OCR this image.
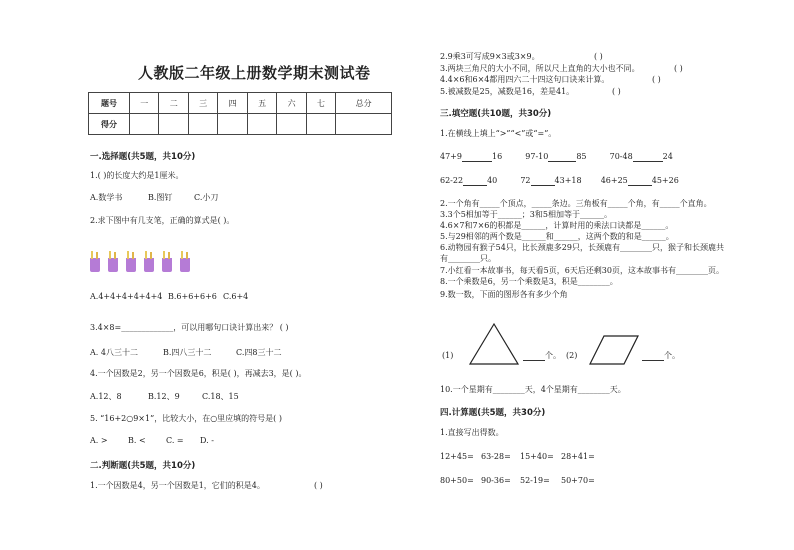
人教版二年级上册数学期末测试卷
题号	一	二	三	四	五	六	七	总分
得分								
一.选择题(共5题，共10分)
1.( )的长度大约是1厘米。
A.数学书	B.图钉	C.小刀
2.求下图中有几支笔，正确的算式是( )。
A.4+4+4+4+4+4 B.6+6+6+6 C.6+4
3.4×8=_____________，可以用哪句口诀计算出来？ ( )
A. 4八三十二	B.四八三十二	C.四8三十二
4.一个因数是2，另一个因数是6，积是( )，再减去3，是( )。
A.12、8	B.12、9	C.18、15
5. “16+2○9×1”，比较大小，在○里应填的符号是( )
A. >	B. <	C. = D. -
二.判断题(共5题，共10分)
1.一个因数是4，另一个因数是1，它们的积是4。	( )
2.9乘3可写成9×3或3×9。	( )
3.两块三角尺的大小不同，所以尺上直角的大小也不同。	( )
4.4×6和6×4都用四六二十四这句口诀来计算。	( )
5.被减数是25，减数是16，差是41。	( )
三.填空题(共10题，共30分)
1.在横线上填上“>”“<”或“=”。
47+9	16	97-10	85	70-48	24
62-22	40	72	43+18 46+25	45+26
2.一个角有_____个顶点，_____条边。三角板有_____个角，有_____个直角。
3.3个5相加等于______；3和5相加等于______。
4.6×7和7×6的积都是______，计算时用的乘法口诀都是______。
5.与29相邻的两个数是______和______，这两个数的和是______。
6.动物园有猴子54只，比长颈鹿多29只，长颈鹿有________只，猴子和长颈鹿共
有________只。
7.小红看一本故事书，每天看5页，6天后还剩30页，这本故事书有________页。
8.一个乘数是6，另一个乘数是3，积是________。
9.数一数，下面的图形各有多少个角
(1)	个。 (2)	个。
10.一个星期有________天，4个星期有________天。
四.计算题(共5题，共30分)
1.直接写出得数。
12+45= 63-28= 15+40= 28+41=
80+50= 90-36= 52-19= 50+70=
